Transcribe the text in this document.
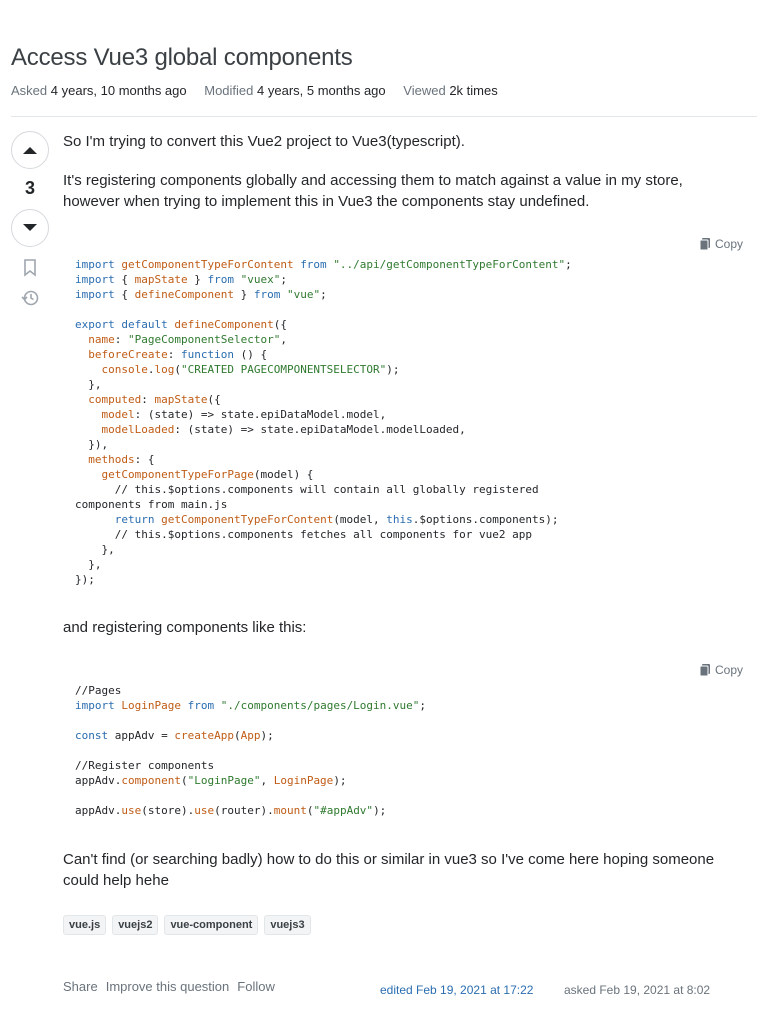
Access Vue3 global components
Asked 4 years, 10 months ago Modified 4 years, 5 months ago Viewed 2k times
3

So I'm trying to convert this Vue2 project to Vue3(typescript).

It's registering components globally and accessing them to match against a value in my store, however when trying to implement this in Vue3 the components stay undefined.

Copy
import getComponentTypeForContent from "../api/getComponentTypeForContent";
import { mapState } from "vuex";
import { defineComponent } from "vue";

export default defineComponent({
name: "PageComponentSelector",
beforeCreate: function () {
console.log("CREATED PAGECOMPONENTSELECTOR");
},
computed: mapState({
model: (state) => state.epiDataModel.model,
modelLoaded: (state) => state.epiDataModel.modelLoaded,
}),
methods: {
getComponentTypeForPage(model) {
// this.$options.components will contain all globally registered
components from main.js
return getComponentTypeForContent(model, this.$options.components);
// this.$options.components fetches all components for vue2 app
},
},
});

and registering components like this:

Copy
//Pages
import LoginPage from "./components/pages/Login.vue";

const appAdv = createApp(App);

//Register components
appAdv.component("LoginPage", LoginPage);

appAdv.use(store).use(router).mount("#appAdv");

Can't find (or searching badly) how to do this or similar in vue3 so I've come here hoping someone could help hehe

vue.js	vuejs2	vue-component	vuejs3
Share Improve this question Follow	edited Feb 19, 2021 at 17:22	asked Feb 19, 2021 at 8:02
